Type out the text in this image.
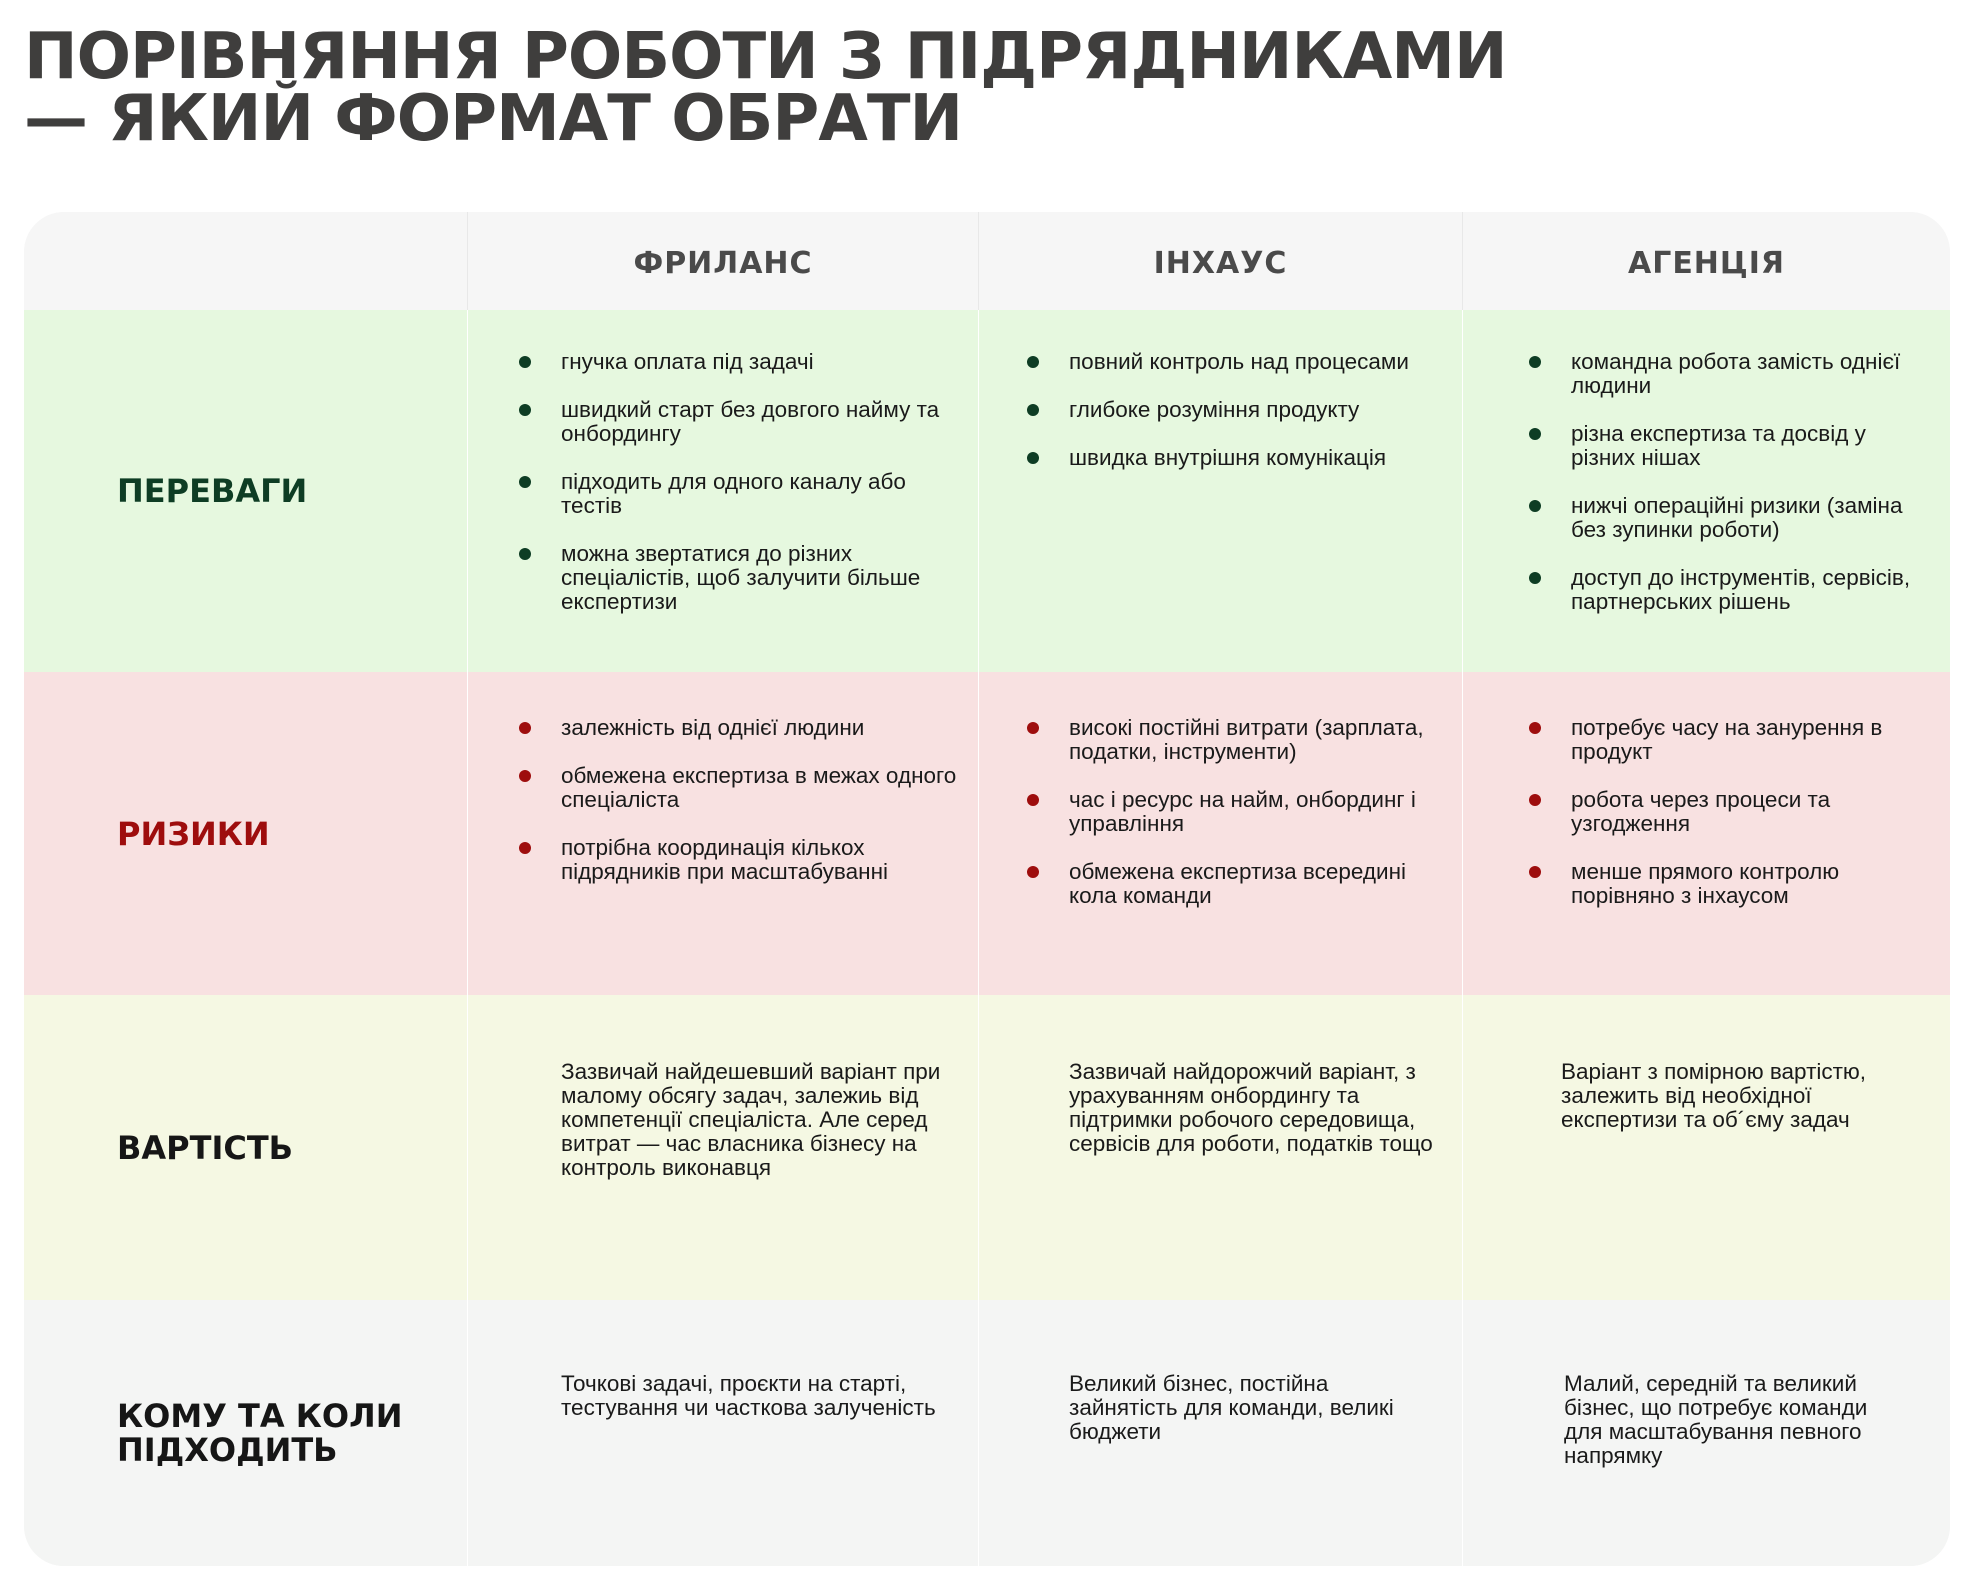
ПОРІВНЯННЯ РОБОТИ З ПІДРЯДНИКАМИ
— ЯКИЙ ФОРМАТ ОБРАТИ
ФРИЛАНС	ІНХАУС	АГЕНЦІЯ
ПЕРЕВАГИ
гнучка оплата під задачі
швидкий старт без довгого найму та онбордингу
підходить для одного каналу або тестів
можна звертатися до різних спеціалістів, щоб залучити більше експертизи
повний контроль над процесами
глибоке розуміння продукту
швидка внутрішня комунікація
командна робота замість однієї людини
різна експертиза та досвід у різних нішах
нижчі операційні ризики (заміна без зупинки роботи)
доступ до інструментів, сервісів, партнерських рішень
РИЗИКИ
залежність від однієї людини
обмежена експертиза в межах одного спеціаліста
потрібна координація кількох підрядників при масштабуванні
високі постійні витрати (зарплата, податки, інструменти)
час і ресурс на найм, онбординг і управління
обмежена експертиза всередині кола команди
потребує часу на занурення в продукт
робота через процеси та узгодження
менше прямого контролю порівняно з інхаусом
ВАРТІСТЬ

Зазвичай найдешевший варіант при малому обсягу задач, залежиь від компетенції спеціаліста. Але серед витрат — час власника бізнесу на контроль виконавця

Зазвичай найдорожчий варіант, з урахуванням онбордингу та підтримки робочого середовища, сервісів для роботи, податків тощо

Варіант з помірною вартістю, залежить від необхідної експертизи та об´єму задач

КОМУ ТА КОЛИ ПІДХОДИТЬ

Точкові задачі, проєкти на старті, тестування чи часткова залученість

Великий бізнес, постійна зайнятість для команди, великі бюджети

Малий, середній та великий бізнес, що потребує команди для масштабування певного напрямку
